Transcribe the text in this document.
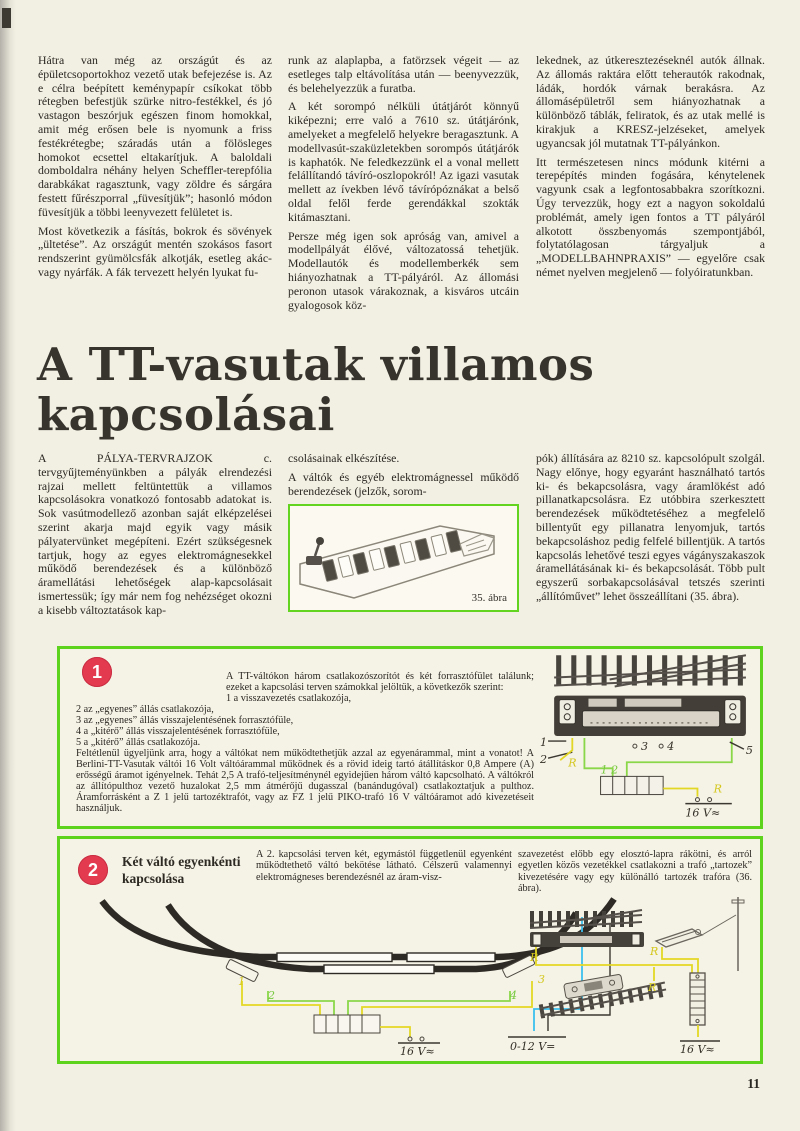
Hátra van még az országút és az épületcsoportokhoz vezető utak befejezése is. Az e célra beépített keménypapír csíkokat több rétegben befestjük szürke nitro-festékkel, és jó vastagon beszórjuk egészen finom homokkal, amit még erősen bele is nyomunk a friss festékrétegbe; száradás után a fölösleges homokot ecsettel eltakarítjuk. A baloldali domboldalra néhány helyen Scheffler-terepfólia darabkákat ragasztunk, vagy zöldre és sárgára festett fűrészporral „füvesítjük”; hasonló módon füvesítjük a többi leenyvezett felületet is.

Most következik a fásítás, bokrok és sövények „ültetése”. Az országút mentén szokásos fasort rendszerint gyümölcsfák alkotják, esetleg akác- vagy nyárfák. A fák tervezett helyén lyukat fu-

runk az alaplapba, a fatörzsek végeit — az esetleges talp eltávolítása után — beenyvezzük, és belehelyezzük a furatba.

A két sorompó nélküli útátjárót könnyű kiképezni; erre való a 7610 sz. útátjárónk, amelyeket a megfelelő helyekre beragasztunk. A modellvasút-szaküzletekben sorompós útátjárók is kaphatók. Ne feledkezzünk el a vonal mellett felállítandó távíró-oszlopokról! Az igazi vasutak mellett az ívekben lévő távírópóznákat a belső oldal felől ferde gerendákkal szokták kitámasztani.

Persze még igen sok apróság van, amivel a modellpályát élővé, változatossá tehetjük. Modellautók és modellemberkék sem hiányozhatnak a TT-pályáról. Az állomási peronon utasok várakoznak, a kisváros utcáin gyalogosok köz-

lekednek, az útkeresztezéseknél autók állnak. Az állomás raktára előtt teherautók rakodnak, ládák, hordók várnak berakásra. Az állomásépületről sem hiányozhatnak a különböző táblák, feliratok, és az utak mellé is kirakjuk a KRESZ-jelzéseket, amelyek ugyancsak jól mutatnak TT-pályánkon.

Itt természetesen nincs módunk kitérni a terepépítés minden fogására, kénytelenek vagyunk csak a legfontosabbakra szorítkozni. Úgy tervezzük, hogy ezt a nagyon sokoldalú problémát, amely igen fontos a TT pályáról alkotott összbenyomás szempontjából, folytatólagosan tárgyaljuk a „MODELLBAHNPRAXIS” — egyelőre csak német nyelven megjelenő — folyóiratunkban.

A TT-vasutak villamos
kapcsolásai

A PÁLYA-TERVRAJZOK c. tervgyűjteményünkben a pályák elrendezési rajzai mellett feltüntettük a villamos kapcsolásokra vonatkozó fontosabb adatokat is. Sok vasútmodellező azonban saját elképzelései szerint akarja majd egyik vagy másik pályatervünket megépíteni. Ezért szükségesnek tartjuk, hogy az egyes elektromágnesekkel működő berendezések és a különböző áramellátási lehetőségek alap-kapcsolásait ismertessük; így már nem fog nehézséget okozni a kisebb változtatások kap-

csolásainak elkészítése.

A váltók és egyéb elektromágnessel működő berendezések (jelzők, sorom-

35. ábra

pók) állítására az 8210 sz. kapcsolópult szolgál. Nagy előnye, hogy egyaránt használható tartós ki- és bekapcsolásra, vagy áramlökést adó pillanatkapcsolásra. Ez utóbbira szerkesztett berendezések működtetéséhez a megfelelő billentyűt egy pillanatra lenyomjuk, tartós bekapcsoláshoz pedig felfelé billentjük. A tartós kapcsolás lehetővé teszi egyes vágányszakaszok áramellátásának ki- és bekapcsolását. Több pult egyszerű sorbakapcsolásával tetszés szerinti „állítóművet” lehet összeállítani (35. ábra).

1	A TT-váltókon három csatlakozószorítót és két forrasztófület találunk; ezeket a kapcsolási terven számokkal jelöltük, a következők szerint:

1 a visszavezetés csatlakozója,
2 az „egyenes” állás csatlakozója,
3 az „egyenes” állás visszajelentésének forrasztófüle,
4 a „kitérő” állás visszajelentésének forrasztófüle,
5 a „kitérő” állás csatlakozója.

Feltétlenül ügyeljünk arra, hogy a váltókat nem működtethetjük azzal az egyenárammal, mint a vonatot! A Berlini-TT-Vasutak váltói 16 Volt váltóárammal működnek és a rövid ideig tartó átállításkor 0,8 Ampere (A) erősségű áramot igényelnek. Tehát 2,5 A trafó-teljesítménynél egyidejűen három váltó kapcsolható. A váltókról az állítópulthoz vezető huzalokat 2,5 mm átmérőjű dugasszal (banándugóval) csatlakoztatjuk a pulthoz. Áramforrásként a Z 1 jelű tartozéktrafót, vagy az FZ 1 jelű PIKO-trafó 16 V váltóáramot adó kivezetéseit használjuk.

1
2
3 4	5
R
R
1 2
16 V≈
2	Két váltó egyenkénti kapcsolása

A 2. kapcsolási terven két, egymástól függetlenül egyenként működtethető váltó bekötése látható. Célszerű valamennyi elektromágneses berendezésnél az áram-visz-

szavezetést előbb egy elosztó-lapra rákötni, és arról egyetlen közös vezetékkel csatlakozni a trafó „tartozek” kivezetésére vagy egy különálló tartozék trafóra (36. ábra).

16 V≈	0-12 V=
1
2	4
3
R	R
R
16 V≈
11
